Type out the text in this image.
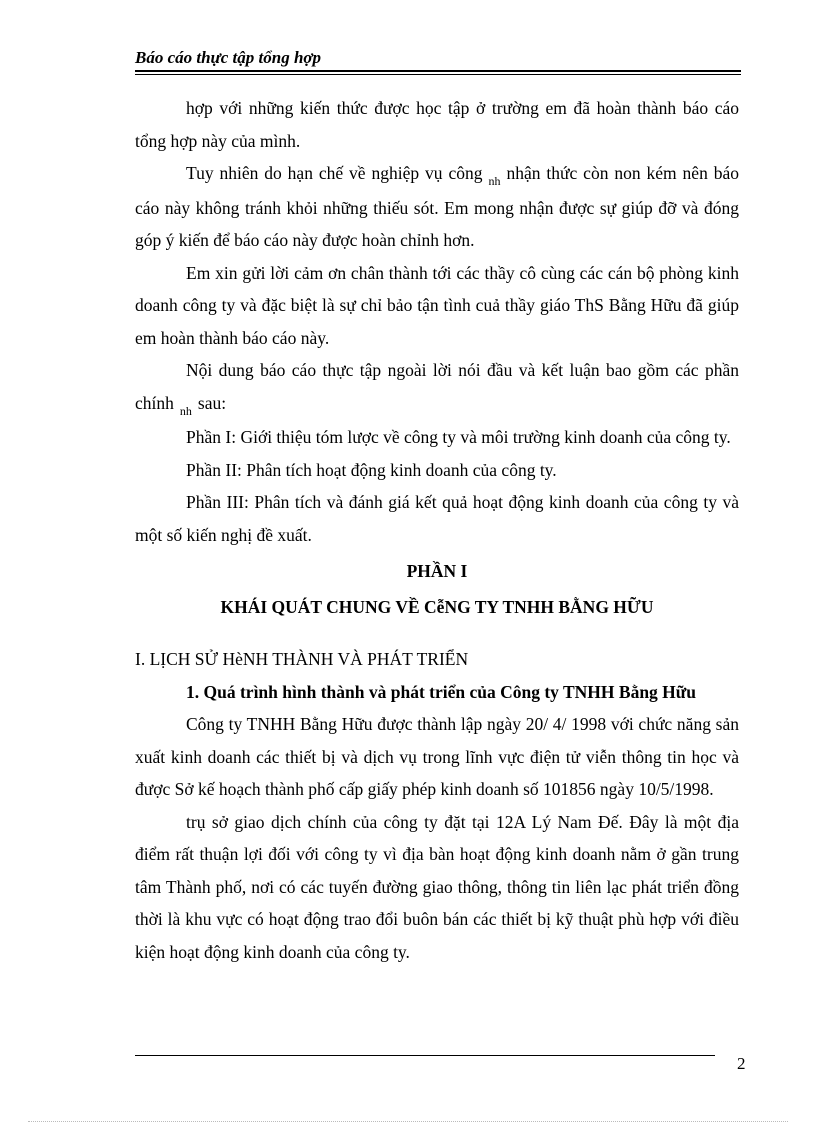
Báo cáo thực tập tổng hợp

hợp với những kiến thức được học tập ở trường em đã hoàn thành báo cáo tổng hợp này của mình.

Tuy nhiên do hạn chế về nghiệp vụ công $_{nh}$ nhận thức còn non kém nên báo cáo này không tránh khỏi những thiếu sót. Em mong nhận được sự giúp đỡ và đóng góp ý kiến để báo cáo này được hoàn chỉnh hơn.

Em xin gửi lời cảm ơn chân thành tới các thầy cô cùng các cán bộ phòng kinh doanh công ty và đặc biệt là sự chỉ bảo tận tình cuả thầy giáo ThS Bằng Hữu đã giúp em hoàn thành báo cáo này.

Nội dung báo cáo thực tập ngoài lời nói đầu và kết luận bao gồm các phần chính $_{nh}$ sau:

Phần I: Giới thiệu tóm lược về công ty và môi trường kinh doanh của công ty.

Phần II: Phân tích hoạt động kinh doanh của công ty.

Phần III: Phân tích và đánh giá kết quả hoạt động kinh doanh của công ty và một số kiến nghị đề xuất.

PHẦN I

KHÁI QUÁT CHUNG VỀ CễNG TY TNHH BẰNG HỮU

I. LỊCH SỬ HèNH THÀNH VÀ PHÁT TRIỂN

1. Quá trình hình thành và phát triển của Công ty TNHH Bằng Hữu

Công ty TNHH Bằng Hữu được thành lập ngày 20/ 4/ 1998 với chức năng sản xuất kinh doanh các thiết bị và dịch vụ trong lĩnh vực điện tử viễn thông tin học và được Sở kế hoạch thành phố cấp giấy phép kinh doanh số 101856 ngày 10/5/1998.

trụ sở giao dịch chính của công ty đặt tại 12A Lý Nam Đế. Đây là một địa điểm rất thuận lợi đối với công ty vì địa bàn hoạt động kinh doanh nằm ở gần trung tâm Thành phố, nơi có các tuyến đường giao thông, thông tin liên lạc phát triển đồng thời là khu vực có hoạt động trao đổi buôn bán các thiết bị kỹ thuật phù hợp với điều kiện hoạt động kinh doanh của công ty.

2
